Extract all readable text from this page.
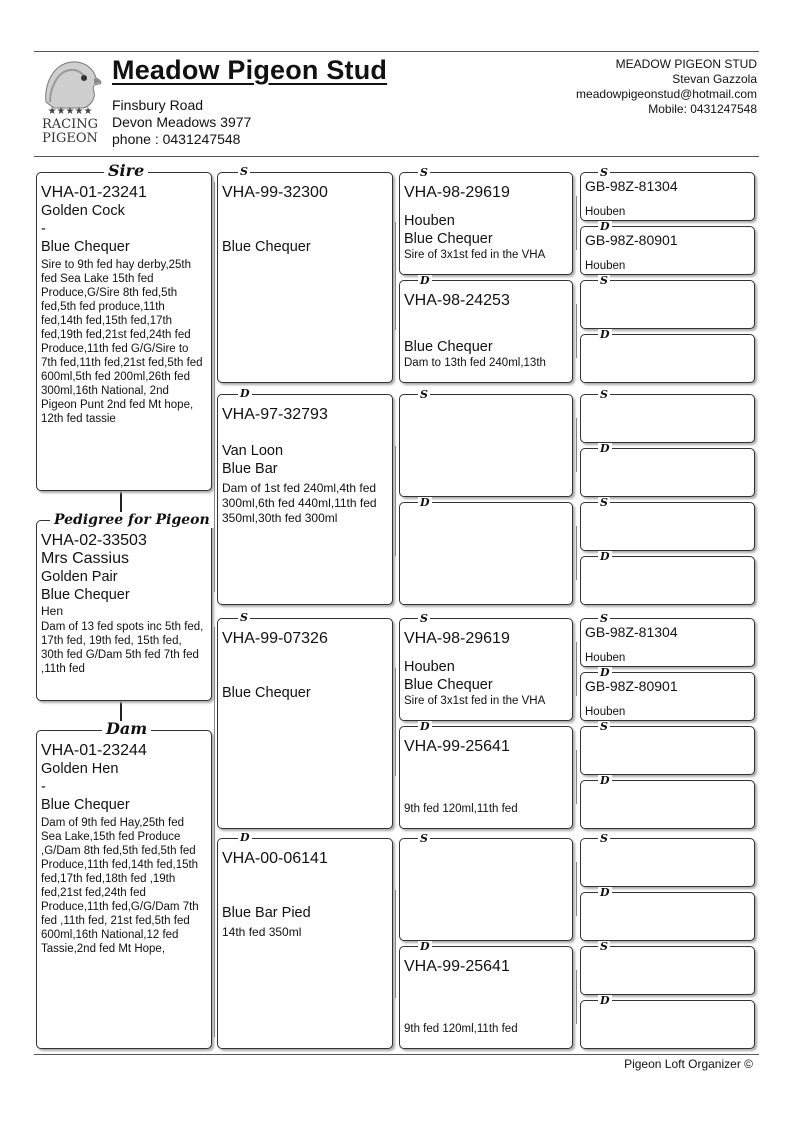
★★★★★
RACING
PIGEON
Meadow Pigeon Stud
Finsbury Road
Devon Meadows 3977
phone : 0431247548
MEADOW PIGEON STUD
Stevan Gazzola
meadowpigeonstud@hotmail.com
Mobile: 0431247548
VHA-01-23241
Golden Cock
-
Blue Chequer
Sire to 9th fed hay derby,25th fed Sea Lake 15th fed Produce,G/Sire 8th fed,5th fed,5th fed produce,11th fed,14th fed,15th fed,17th fed,19th fed,21st fed,24th fed Produce,11th fed G/G/Sire to 7th fed,11th fed,21st fed,5th fed 600ml,5th fed 200ml,26th fed 300ml,16th National, 2nd Pigeon Punt 2nd fed Mt hope, 12th fed tassie
Sire
VHA-02-33503
Mrs Cassius
Golden Pair
Blue Chequer
Hen
Dam of 13 fed spots inc 5th fed, 17th fed, 19th fed, 15th fed, 30th fed G/Dam 5th fed 7th fed ,11th fed
Pedigree for Pigeon
VHA-01-23244
Golden Hen
-
Blue Chequer
Dam of 9th fed Hay,25th fed Sea Lake,15th fed Produce ,G/Dam 8th fed,5th fed,5th fed Produce,11th fed,14th fed,15th fed,17th fed,18th fed ,19th fed,21st fed,24th fed Produce,11th fed,G/G/Dam 7th fed ,11th fed, 21st fed,5th fed 600ml,16th National,12 fed Tassie,2nd fed Mt Hope,
Dam
VHA-99-32300
Blue Chequer
S
VHA-97-32793
Van Loon
Blue Bar
Dam of 1st fed 240ml,4th fed 300ml,6th fed 440ml,11th fed 350ml,30th fed 300ml
D
VHA-99-07326
Blue Chequer
S
VHA-00-06141
Blue Bar Pied
14th fed 350ml
D
VHA-98-29619
Houben
Blue Chequer
Sire of 3x1st fed in the VHA
S
VHA-98-24253
Blue Chequer
Dam to 13th fed 240ml,13th
D
S
D
VHA-98-29619
Houben
Blue Chequer
Sire of 3x1st fed in the VHA
S
VHA-99-25641
9th fed 120ml,11th fed
D
S
VHA-99-25641
9th fed 120ml,11th fed
D
GB-98Z-81304
Houben
S
GB-98Z-80901
Houben
D
S
D
S
D
S
D
GB-98Z-81304
Houben
S
GB-98Z-80901
Houben
D
S
D
S
D
S
D
Pigeon Loft Organizer ©
